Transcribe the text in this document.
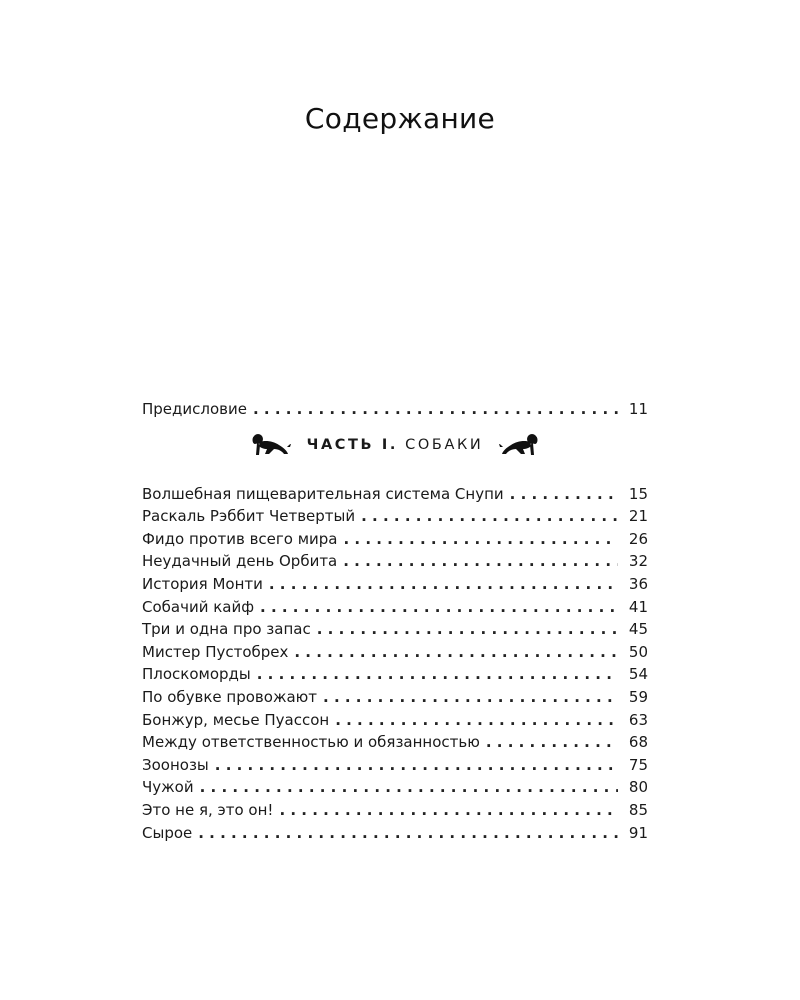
Содержание
Предисловие . . .	11
ЧАСТЬ I. СОБАКИ
Волшебная пищеварительная система Снупи . . .	15
Раскаль Рэббит Четвертый . . .	21
Фидо против всего мира . . .	26
Неудачный день Орбита . . .	32
История Монти . . .	36
Собачий кайф . . .	41
Три и одна про запас . . .	45
Мистер Пустобрех . . .	50
Плоскоморды . . .	54
По обувке провожают . . .	59
Бонжур, месье Пуассон . . .	63
Между ответственностью и обязанностью . . .	68
Зоонозы . . .	75
Чужой . . .	80
Это не я, это он! . . .	85
Сырое . . .	91
